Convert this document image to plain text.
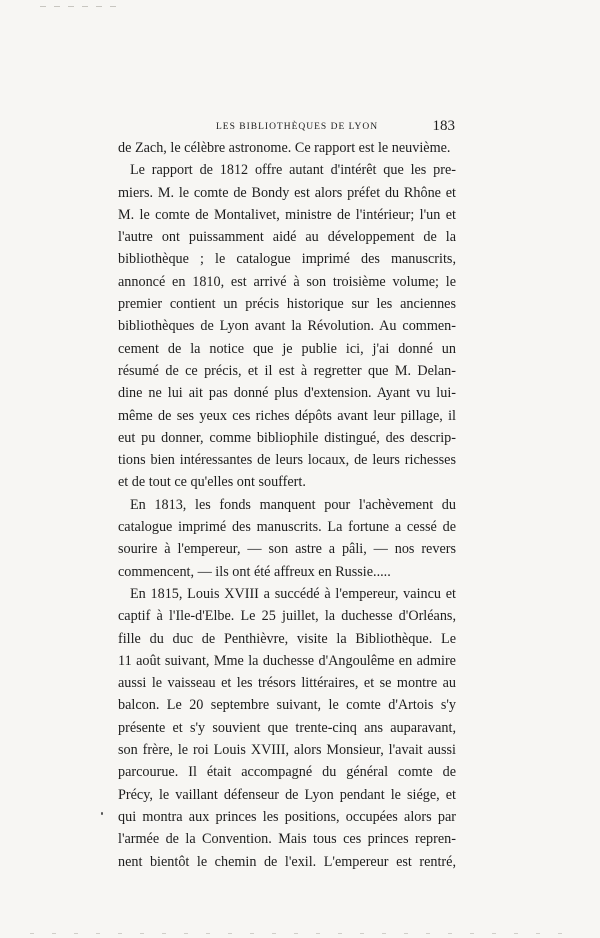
LES BIBLIOTHÈQUES DE LYON	183
de Zach, le célèbre astronome. Ce rapport est le neuvième.
Le rapport de 1812 offre autant d'intérêt que les pre-
miers. M. le comte de Bondy est alors préfet du Rhône et
M. le comte de Montalivet, ministre de l'intérieur; l'un et
l'autre ont puissamment aidé au développement de la
bibliothèque ; le catalogue imprimé des manuscrits,
annoncé en 1810, est arrivé à son troisième volume; le
premier contient un précis historique sur les anciennes
bibliothèques de Lyon avant la Révolution. Au commen-
cement de la notice que je publie ici, j'ai donné un
résumé de ce précis, et il est à regretter que M. Delan-
dine ne lui ait pas donné plus d'extension. Ayant vu lui-
même de ses yeux ces riches dépôts avant leur pillage, il
eut pu donner, comme bibliophile distingué, des descrip-
tions bien intéressantes de leurs locaux, de leurs richesses
et de tout ce qu'elles ont souffert.
En 1813, les fonds manquent pour l'achèvement du
catalogue imprimé des manuscrits. La fortune a cessé de
sourire à l'empereur, — son astre a pâli, — nos revers
commencent, — ils ont été affreux en Russie.....
En 1815, Louis XVIII a succédé à l'empereur, vaincu et
captif à l'Ile-d'Elbe. Le 25 juillet, la duchesse d'Orléans,
fille du duc de Penthièvre, visite la Bibliothèque. Le
11 août suivant, Mme la duchesse d'Angoulême en admire
aussi le vaisseau et les trésors littéraires, et se montre au
balcon. Le 20 septembre suivant, le comte d'Artois s'y
présente et s'y souvient que trente-cinq ans auparavant,
son frère, le roi Louis XVIII, alors Monsieur, l'avait aussi
parcourue. Il était accompagné du général comte de
Précy, le vaillant défenseur de Lyon pendant le siége, et
qui montra aux princes les positions, occupées alors par
l'armée de la Convention. Mais tous ces princes repren-
nent bientôt le chemin de l'exil. L'empereur est rentré,
